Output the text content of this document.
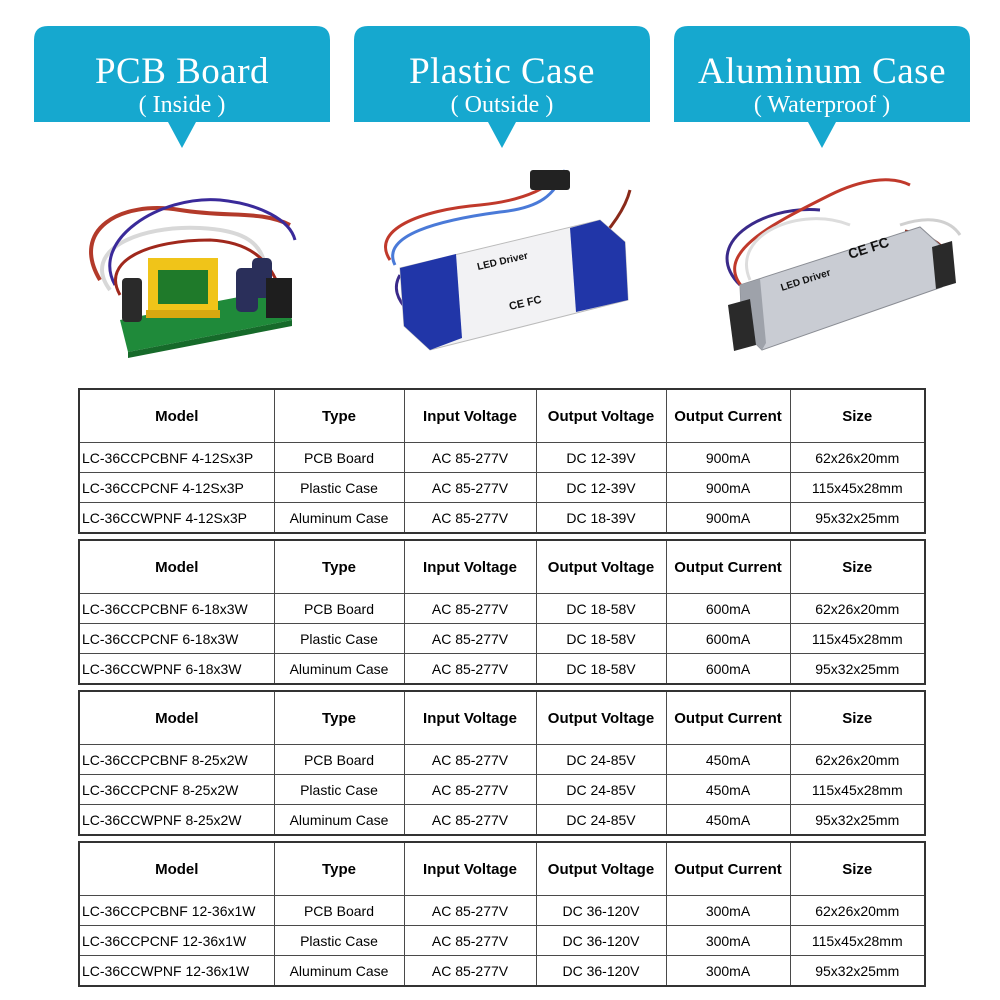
PCB Board
( Inside )
Plastic Case
( Outside )
Aluminum Case
( Waterproof )
LED Driver
CE FC
LED Driver
CE FC
Model	Type	Input Voltage	Output Voltage	Output Current	Size
LC-36CCPCBNF 4-12Sx3P	PCB Board	AC 85-277V	DC 12-39V	900mA	62x26x20mm
LC-36CCPCNF 4-12Sx3P	Plastic Case	AC 85-277V	DC 12-39V	900mA	115x45x28mm
LC-36CCWPNF 4-12Sx3P	Aluminum Case	AC 85-277V	DC 18-39V	900mA	95x32x25mm
Model	Type	Input Voltage	Output Voltage	Output Current	Size
LC-36CCPCBNF 6-18x3W	PCB Board	AC 85-277V	DC 18-58V	600mA	62x26x20mm
LC-36CCPCNF 6-18x3W	Plastic Case	AC 85-277V	DC 18-58V	600mA	115x45x28mm
LC-36CCWPNF 6-18x3W	Aluminum Case	AC 85-277V	DC 18-58V	600mA	95x32x25mm
Model	Type	Input Voltage	Output Voltage	Output Current	Size
LC-36CCPCBNF 8-25x2W	PCB Board	AC 85-277V	DC 24-85V	450mA	62x26x20mm
LC-36CCPCNF 8-25x2W	Plastic Case	AC 85-277V	DC 24-85V	450mA	115x45x28mm
LC-36CCWPNF 8-25x2W	Aluminum Case	AC 85-277V	DC 24-85V	450mA	95x32x25mm
Model	Type	Input Voltage	Output Voltage	Output Current	Size
LC-36CCPCBNF 12-36x1W	PCB Board	AC 85-277V	DC 36-120V	300mA	62x26x20mm
LC-36CCPCNF 12-36x1W	Plastic Case	AC 85-277V	DC 36-120V	300mA	115x45x28mm
LC-36CCWPNF 12-36x1W	Aluminum Case	AC 85-277V	DC 36-120V	300mA	95x32x25mm
